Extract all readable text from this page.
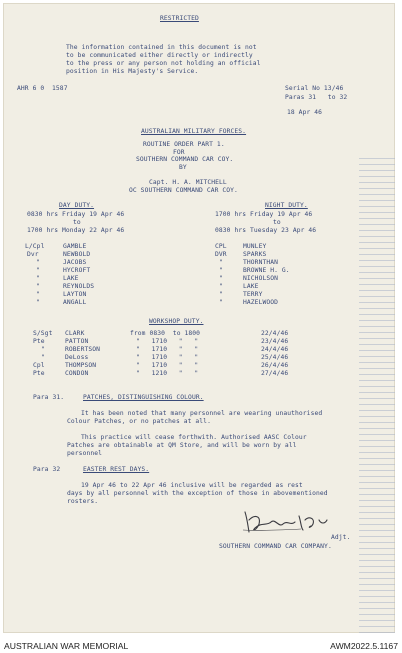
RESTRICTED
The information contained in this document is not
to be communicated either directly or indirectly
to the press or any person not holding an official
position in His Majesty's Service.
AHR 6 0  1587	Serial No 13/46
Paras 31   to 32
18 Apr 46
AUSTRALIAN MILITARY FORCES.
ROUTINE ORDER PART 1.
FOR
SOUTHERN COMMAND CAR COY.
BY
Capt. H. A. MITCHELL
OC SOUTHERN COMMAND CAR COY.
DAY DUTY.
0830 hrs Friday 19 Apr 46
to
1700 hrs Monday 22 Apr 46
L/Cpl	GAMBLE
Dvr	NEWBOLD
"	JACOBS
"	HYCROFT
"	LAKE
"	REYNOLDS
"	LAYTON
"	ANGALL
NIGHT DUTY.
1700 hrs Friday 19 Apr 46
to
0830 hrs Tuesday 23 Apr 46
CPL	MUNLEY
DVR	SPARKS
"	THORNTHAN
"	BROWNE H. G.
"	NICHOLSON
"	LAKE
"	TERRY
"	HAZELWOOD
WORKSHOP DUTY.
S/Sgt CLARK	from 0830  to 1800	22/4/46
Pte	PATTON	"   1710   "   "	23/4/46
"	ROBERTSON	"   1710   "   "	24/4/46
"	DeLoss	"   1710   "   "	25/4/46
Cpl	THOMPSON	"   1710   "   "	26/4/46
Pte	CONDON	"   1210   "   "	27/4/46
Para 31.	PATCHES, DISTINGUISHING COLOUR.
It has been noted that many personnel are wearing unauthorised
Colour Patches, or no patches at all.
This practice will cease forthwith. Authorised AASC Colour
Patches are obtainable at QM Store, and will be worn by all
personnel
Para 32	EASTER REST DAYS.
19 Apr 46 to 22 Apr 46 inclusive will be regarded as rest
days by all personnel with the exception of those in abovementioned
rosters.
Adjt.
SOUTHERN COMMAND CAR COMPANY.
AUSTRALIAN WAR MEMORIAL	AWM2022.5.1167
